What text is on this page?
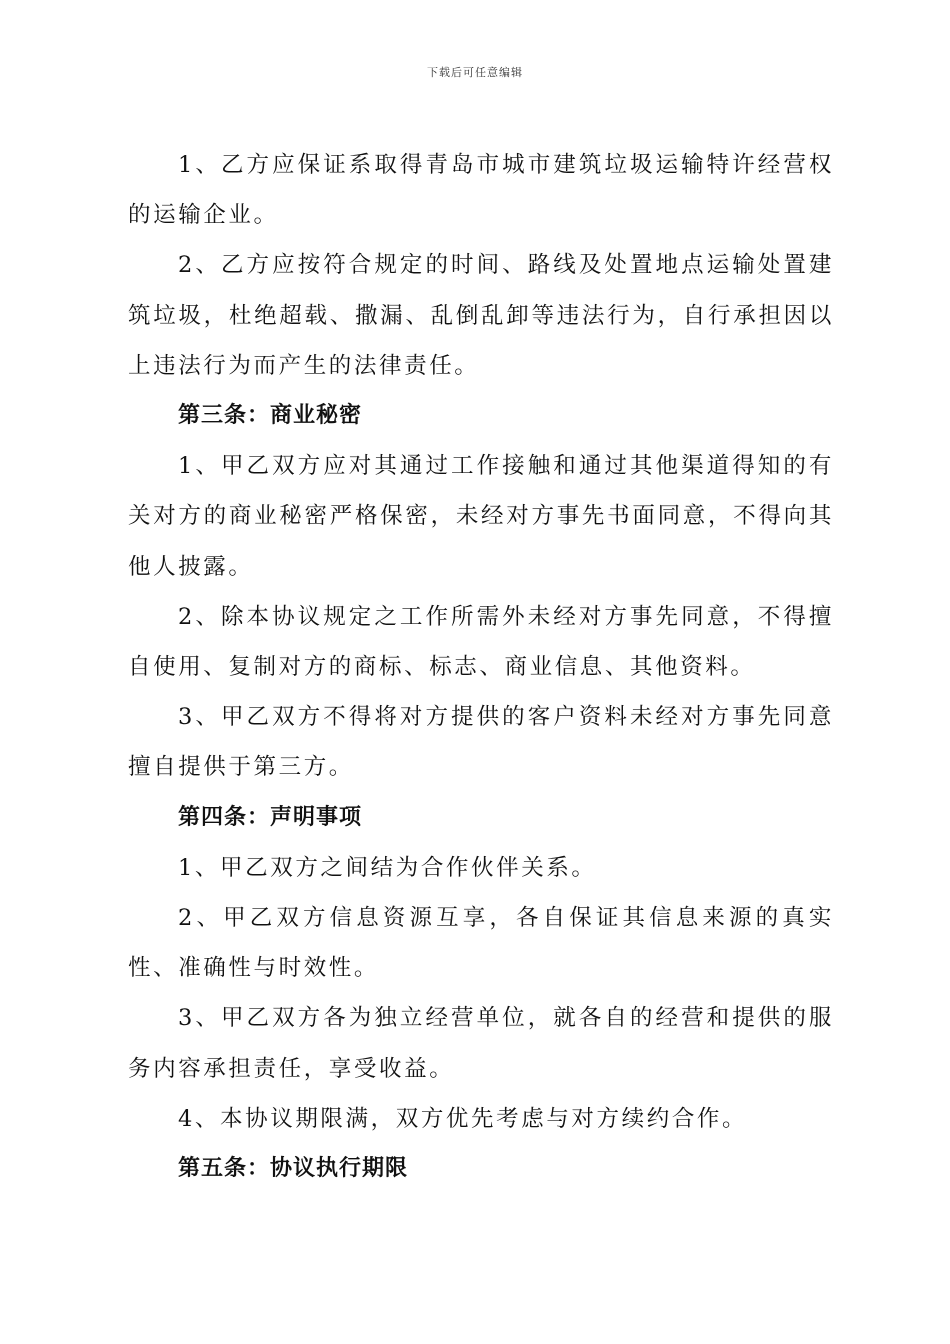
下载后可任意编辑

1、乙方应保证系取得青岛市城市建筑垃圾运输特许经营权的运输企业。

2、乙方应按符合规定的时间、路线及处置地点运输处置建筑垃圾，杜绝超载、撒漏、乱倒乱卸等违法行为，自行承担因以上违法行为而产生的法律责任。

第三条：商业秘密

1、甲乙双方应对其通过工作接触和通过其他渠道得知的有关对方的商业秘密严格保密，未经对方事先书面同意，不得向其他人披露。

2、除本协议规定之工作所需外未经对方事先同意，不得擅自使用、复制对方的商标、标志、商业信息、其他资料。

3、甲乙双方不得将对方提供的客户资料未经对方事先同意擅自提供于第三方。

第四条：声明事项

1、甲乙双方之间结为合作伙伴关系。

2、甲乙双方信息资源互享，各自保证其信息来源的真实性、准确性与时效性。

3、甲乙双方各为独立经营单位，就各自的经营和提供的服务内容承担责任，享受收益。

4、本协议期限满，双方优先考虑与对方续约合作。

第五条：协议执行期限
